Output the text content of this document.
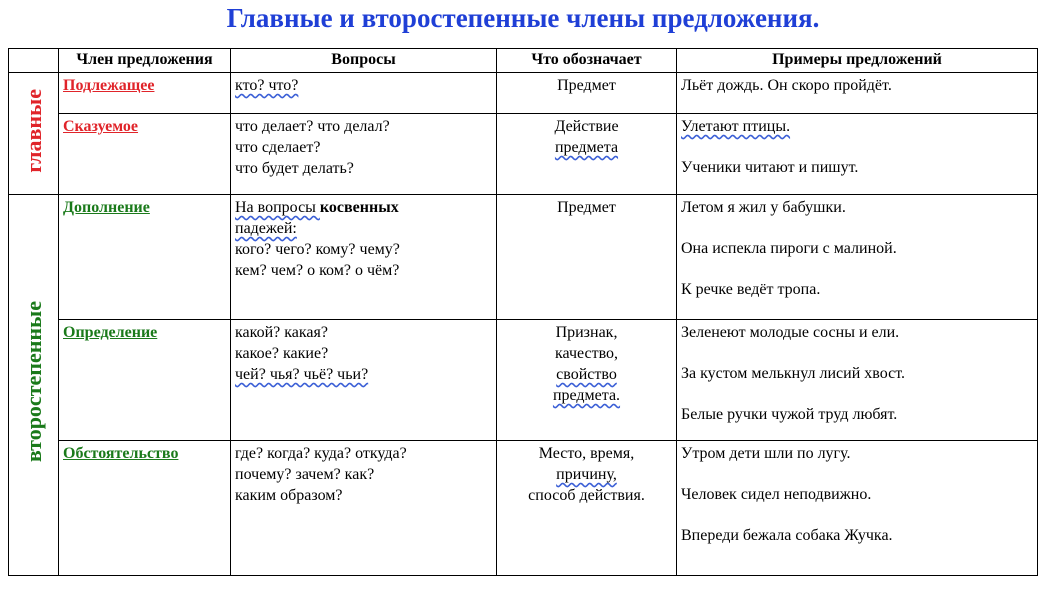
Главные и второстепенные члены предложения.
	Член предложения	Вопросы	Что обозначает	Примеры предложений
главные	Подлежащее	кто? что?	Предмет	Льёт дождь. Он скоро пройдёт.

	Сказуемое	что делает? что делал?
что сделает?
что будет делать?	Действие
предмета	Улетают птицы.
Ученики читают и пишут.

второстепенные	Дополнение	На вопросы косвенных
падежей:
кого? чего? кому? чему?
кем? чем? о ком? о чём?	Предмет	Летом я жил у бабушки.
Она испекла пироги с малиной.
К речке ведёт тропа.

	Определение	какой? какая?
какое? какие?
чей? чья? чьё? чьи?	Признак,
качество,
свойство
предмета.	Зеленеют молодые сосны и ели.
За кустом мелькнул лисий хвост.
Белые ручки чужой труд любят.

	Обстоятельство	где? когда? куда? откуда?
почему? зачем? как?
каким образом?	Место, время,
причину,
способ действия.	Утром дети шли по лугу.
Человек сидел неподвижно.
Впереди бежала собака Жучка.
